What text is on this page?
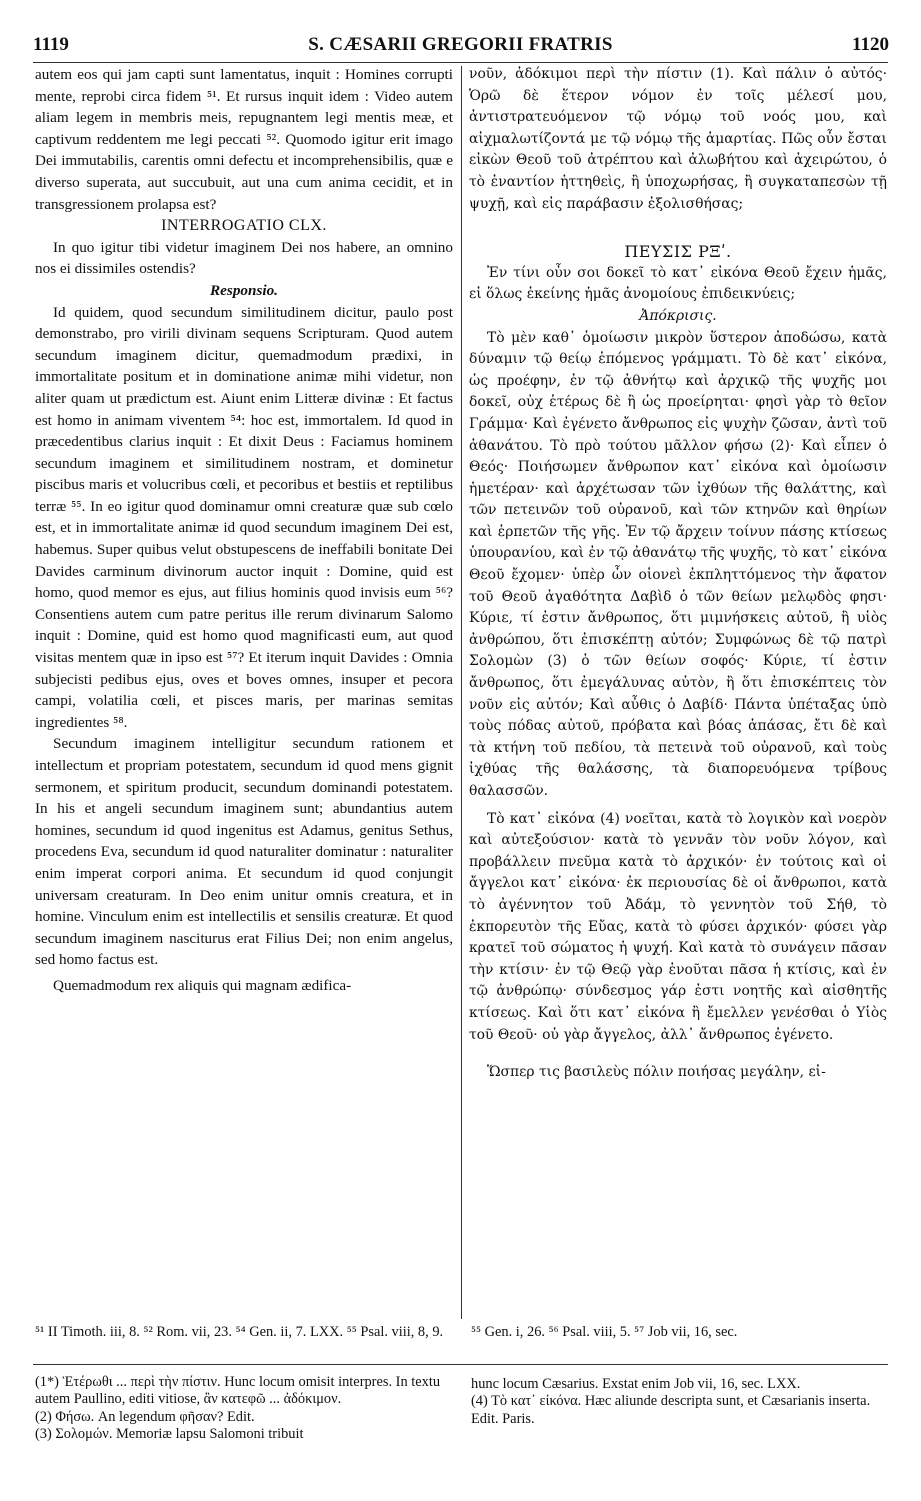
1119	S. CÆSARII GREGORII FRATRIS	1120

autem eos qui jam capti sunt lamentatus, inquit : Homines corrupti mente, reprobi circa fidem ⁵¹. Et rursus inquit idem : Video autem aliam legem in membris meis, repugnantem legi mentis meæ, et captivum reddentem me legi peccati ⁵². Quomodo igitur erit imago Dei immutabilis, carentis omni defectu et incomprehensibilis, quæ e diverso superata, aut succubuit, aut una cum anima cecidit, et in transgressionem prolapsa est?

INTERROGATIO CLX.

In quo igitur tibi videtur imaginem Dei nos habere, an omnino nos ei dissimiles ostendis?

Responsio.

Id quidem, quod secundum similitudinem dicitur, paulo post demonstrabo, pro virili divinam sequens Scripturam. Quod autem secundum imaginem dicitur, quemadmodum prædixi, in immortalitate positum et in dominatione animæ mihi videtur, non aliter quam ut prædictum est. Aiunt enim Litteræ divinæ : Et factus est homo in animam viventem ⁵⁴: hoc est, immortalem. Id quod in præcedentibus clarius inquit : Et dixit Deus : Faciamus hominem secundum imaginem et similitudinem nostram, et dominetur piscibus maris et volucribus cœli, et pecoribus et bestiis et reptilibus terræ ⁵⁵. In eo igitur quod dominamur omni creaturæ quæ sub cœlo est, et in immortalitate animæ id quod secundum imaginem Dei est, habemus. Super quibus velut obstupescens de ineffabili bonitate Dei Davides carminum divinorum auctor inquit : Domine, quid est homo, quod memor es ejus, aut filius hominis quod invisis eum ⁵⁶? Consentiens autem cum patre peritus ille rerum divinarum Salomo inquit : Domine, quid est homo quod magnificasti eum, aut quod visitas mentem quæ in ipso est ⁵⁷? Et iterum inquit Davides : Omnia subjecisti pedibus ejus, oves et boves omnes, insuper et pecora campi, volatilia cœli, et pisces maris, per marinas semitas ingredientes ⁵⁸.

Secundum imaginem intelligitur secundum rationem et intellectum et propriam potestatem, secundum id quod mens gignit sermonem, et spiritum producit, secundum dominandi potestatem. In his et angeli secundum imaginem sunt; abundantius autem homines, secundum id quod ingenitus est Adamus, genitus Sethus, procedens Eva, secundum id quod naturaliter dominatur : naturaliter enim imperat corpori anima. Et secundum id quod conjungit universam creaturam. In Deo enim unitur omnis creatura, et in homine. Vinculum enim est intellectilis et sensilis creaturæ. Et quod secundum imaginem nasciturus erat Filius Dei; non enim angelus, sed homo factus est.

Quemadmodum rex aliquis qui magnam ædifica-

νοῦν, ἀδόκιμοι περὶ τὴν πίστιν (1). Καὶ πάλιν ὁ αὐτός· Ὁρῶ δὲ ἕτερον νόμον ἐν τοῖς μέλεσί μου, ἀντιστρατευόμενον τῷ νόμῳ τοῦ νοός μου, καὶ αἰχμαλωτίζοντά με τῷ νόμῳ τῆς ἁμαρτίας. Πῶς οὖν ἔσται εἰκὼν Θεοῦ τοῦ ἀτρέπτου καὶ ἀλωβήτου καὶ ἀχειρώτου, ὁ τὸ ἐναντίον ἡττηθεὶς, ἢ ὑποχωρήσας, ἢ συγκαταπεσὼν τῇ ψυχῇ, καὶ εἰς παράβασιν ἐξολισθήσας;

ΠΕΥΣΙΣ ΡΞʹ.

Ἐν τίνι οὖν σοι δοκεῖ τὸ κατ᾽ εἰκόνα Θεοῦ ἔχειν ἡμᾶς, εἰ ὅλως ἐκείνης ἡμᾶς ἀνομοίους ἐπιδεικνύεις;

Ἀπόκρισις.

Τὸ μὲν καθ᾽ ὁμοίωσιν μικρὸν ὕστερον ἀποδώσω, κατὰ δύναμιν τῷ θείῳ ἑπόμενος γράμματι. Τὸ δὲ κατ᾽ εἰκόνα, ὡς προέφην, ἐν τῷ ἀθνήτῳ καὶ ἀρχικῷ τῆς ψυχῆς μοι δοκεῖ, οὐχ ἑτέρως δὲ ἢ ὡς προείρηται· φησὶ γὰρ τὸ θεῖον Γράμμα· Καὶ ἐγένετο ἄνθρωπος εἰς ψυχὴν ζῶσαν, ἀντὶ τοῦ ἀθανάτου. Τὸ πρὸ τούτου μᾶλλον φήσω (2)· Καὶ εἶπεν ὁ Θεός· Ποιήσωμεν ἄνθρωπον κατ᾽ εἰκόνα καὶ ὁμοίωσιν ἡμετέραν· καὶ ἀρχέτωσαν τῶν ἰχθύων τῆς θαλάττης, καὶ τῶν πετεινῶν τοῦ οὐρανοῦ, καὶ τῶν κτηνῶν καὶ θηρίων καὶ ἑρπετῶν τῆς γῆς. Ἐν τῷ ἄρχειν τοίνυν πάσης κτίσεως ὑπουρανίου, καὶ ἐν τῷ ἀθανάτῳ τῆς ψυχῆς, τὸ κατ᾽ εἰκόνα Θεοῦ ἔχομεν· ὑπὲρ ὧν οἱονεὶ ἐκπληττόμενος τὴν ἄφατον τοῦ Θεοῦ ἀγαθότητα Δαβὶδ ὁ τῶν θείων μελῳδὸς φησι· Κύριε, τί ἐστιν ἄνθρωπος, ὅτι μιμνήσκεις αὐτοῦ, ἢ υἱὸς ἀνθρώπου, ὅτι ἐπισκέπτῃ αὐτόν; Συμφώνως δὲ τῷ πατρὶ Σολομὼν (3) ὁ τῶν θείων σοφός· Κύριε, τί ἐστιν ἄνθρωπος, ὅτι ἐμεγάλυνας αὐτὸν, ἢ ὅτι ἐπισκέπτεις τὸν νοῦν εἰς αὐτόν; Καὶ αὖθις ὁ Δαβίδ· Πάντα ὑπέταξας ὑπὸ τοὺς πόδας αὐτοῦ, πρόβατα καὶ βόας ἁπάσας, ἔτι δὲ καὶ τὰ κτήνη τοῦ πεδίου, τὰ πετεινὰ τοῦ οὐρανοῦ, καὶ τοὺς ἰχθύας τῆς θαλάσσης, τὰ διαπορευόμενα τρίβους θαλασσῶν.

Τὸ κατ᾽ εἰκόνα (4) νοεῖται, κατὰ τὸ λογικὸν καὶ νοερὸν καὶ αὐτεξούσιον· κατὰ τὸ γεννᾶν τὸν νοῦν λόγον, καὶ προβάλλειν πνεῦμα κατὰ τὸ ἀρχικόν· ἐν τούτοις καὶ οἱ ἄγγελοι κατ᾽ εἰκόνα· ἐκ περιουσίας δὲ οἱ ἄνθρωποι, κατὰ τὸ ἀγέννητον τοῦ Ἀδάμ, τὸ γεννητὸν τοῦ Σήθ, τὸ ἐκπορευτὸν τῆς Εὔας, κατὰ τὸ φύσει ἀρχικόν· φύσει γὰρ κρατεῖ τοῦ σώματος ἡ ψυχή. Καὶ κατὰ τὸ συνάγειν πᾶσαν τὴν κτίσιν· ἐν τῷ Θεῷ γὰρ ἑνοῦται πᾶσα ἡ κτίσις, καὶ ἐν τῷ ἀνθρώπῳ· σύνδεσμος γάρ ἐστι νοητῆς καὶ αἰσθητῆς κτίσεως. Καὶ ὅτι κατ᾽ εἰκόνα ἢ ἔμελλεν γενέσθαι ὁ Υἱὸς τοῦ Θεοῦ· οὐ γὰρ ἄγγελος, ἀλλ᾽ ἄνθρωπος ἐγένετο.

Ὥσπερ τις βασιλεὺς πόλιν ποιήσας μεγάλην, εἰ-

⁵¹ II Timoth. iii, 8. ⁵² Rom. vii, 23. ⁵⁴ Gen. ii, 7. LXX. ⁵⁵ Psal. viii, 8, 9.	⁵⁵ Gen. i, 26. ⁵⁶ Psal. viii, 5. ⁵⁷ Job vii, 16, sec.

(1*) Ἑτέρωθι ... περὶ τὴν πίστιν. Hunc locum omisit interpres. In textu autem Paullino, editi vitiose, ἂν κατεφῶ ... ἀδόκιμον.

(2) Φήσω. An legendum φῆσαν? Edit.

(3) Σολομών. Memoriæ lapsu Salomoni tribuit

hunc locum Cæsarius. Exstat enim Job vii, 16, sec. LXX.

(4) Τὸ κατ᾽ εἰκόνα. Hæc aliunde descripta sunt, et Cæsarianis inserta. Edit. Paris.
